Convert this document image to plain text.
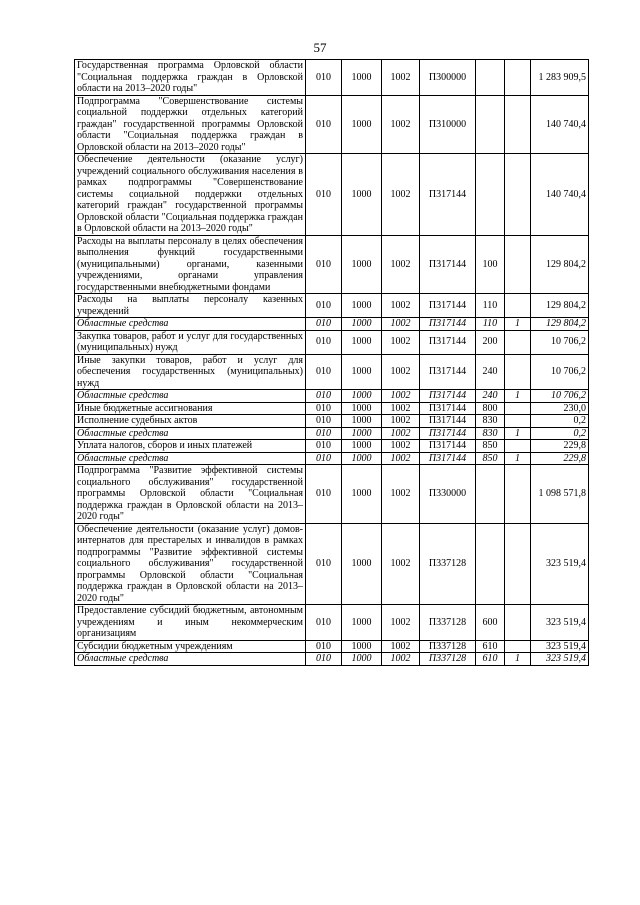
57
Государственная программа Орловской области "Социальная поддержка граждан в Орловской области на 2013–2020 годы"	010	1000	1002	П300000			1 283 909,5
Подпрограмма "Совершенствование системы социальной поддержки отдельных категорий граждан" государственной программы Орловской области "Социальная поддержка граждан в Орловской области на 2013–2020 годы"	010	1000	1002	П310000			140 740,4
Обеспечение деятельности (оказание услуг) учреждений социального обслуживания населения в рамках подпрограммы "Совершенствование системы социальной поддержки отдельных категорий граждан" государственной программы Орловской области "Социальная поддержка граждан в Орловской области на 2013–2020 годы"	010	1000	1002	П317144			140 740,4
Расходы на выплаты персоналу в целях обеспечения выполнения функций государственными (муниципальными) органами, казенными учреждениями, органами управления государственными внебюджетными фондами	010	1000	1002	П317144	100		129 804,2
Расходы на выплаты персоналу казенных учреждений	010	1000	1002	П317144	110		129 804,2
Областные средства	010	1000	1002	П317144	110	1	129 804,2
Закупка товаров, работ и услуг для государственных (муниципальных) нужд	010	1000	1002	П317144	200		10 706,2
Иные закупки товаров, работ и услуг для обеспечения государственных (муниципальных) нужд	010	1000	1002	П317144	240		10 706,2
Областные средства	010	1000	1002	П317144	240	1	10 706,2
Иные бюджетные ассигнования	010	1000	1002	П317144	800		230,0
Исполнение судебных актов	010	1000	1002	П317144	830		0,2
Областные средства	010	1000	1002	П317144	830	1	0,2
Уплата налогов, сборов и иных платежей	010	1000	1002	П317144	850		229,8
Областные средства	010	1000	1002	П317144	850	1	229,8
Подпрограмма "Развитие эффективной системы социального обслуживания" государственной программы Орловской области "Социальная поддержка граждан в Орловской области на 2013–2020 годы"	010	1000	1002	П330000			1 098 571,8
Обеспечение деятельности (оказание услуг) домов-интернатов для престарелых и инвалидов в рамках подпрограммы "Развитие эффективной системы социального обслуживания" государственной программы Орловской области "Социальная поддержка граждан в Орловской области на 2013–2020 годы"	010	1000	1002	П337128			323 519,4
Предоставление субсидий бюджетным, автономным учреждениям и иным некоммерческим организациям	010	1000	1002	П337128	600		323 519,4
Субсидии бюджетным учреждениям	010	1000	1002	П337128	610		323 519,4
Областные средства	010	1000	1002	П337128	610	1	323 519,4
